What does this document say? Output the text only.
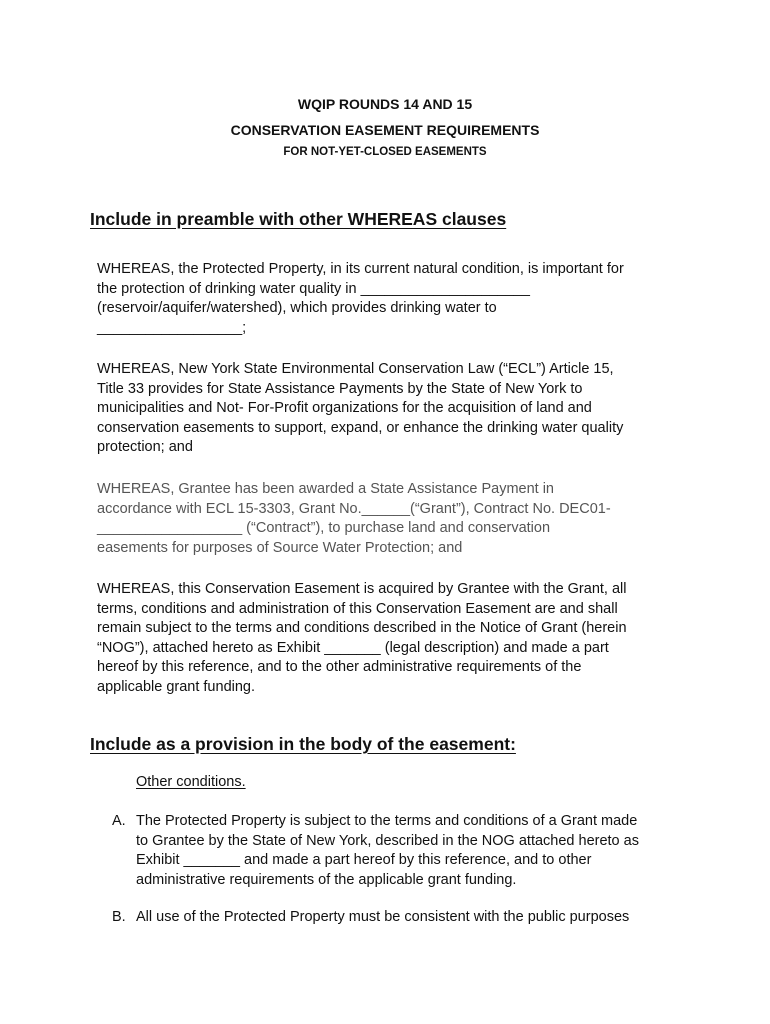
WQIP ROUNDS 14 AND 15
CONSERVATION EASEMENT REQUIREMENTS
FOR NOT-YET-CLOSED EASEMENTS
Include in preamble with other WHEREAS clauses
WHEREAS, the Protected Property, in its current natural condition, is important for
the protection of drinking water quality in _____________________
(reservoir/aquifer/watershed), which provides drinking water to
__________________;
WHEREAS, New York State Environmental Conservation Law (“ECL”) Article 15,
Title 33 provides for State Assistance Payments by the State of New York to
municipalities and Not- For-Profit organizations for the acquisition of land and
conservation easements to support, expand, or enhance the drinking water quality
protection; and
WHEREAS, Grantee has been awarded a State Assistance Payment in
accordance with ECL 15-3303, Grant No.______(“Grant”), Contract No. DEC01-
__________________ (“Contract”), to purchase land and conservation
easements for purposes of Source Water Protection; and
WHEREAS, this Conservation Easement is acquired by Grantee with the Grant, all
terms, conditions and administration of this Conservation Easement are and shall
remain subject to the terms and conditions described in the Notice of Grant (herein
“NOG”), attached hereto as Exhibit _______ (legal description) and made a part
hereof by this reference, and to the other administrative requirements of the
applicable grant funding.
Include as a provision in the body of the easement:
Other conditions.
A. The Protected Property is subject to the terms and conditions of a Grant made
to Grantee by the State of New York, described in the NOG attached hereto as
Exhibit _______ and made a part hereof by this reference, and to other
administrative requirements of the applicable grant funding.
B. All use of the Protected Property must be consistent with the public purposes
